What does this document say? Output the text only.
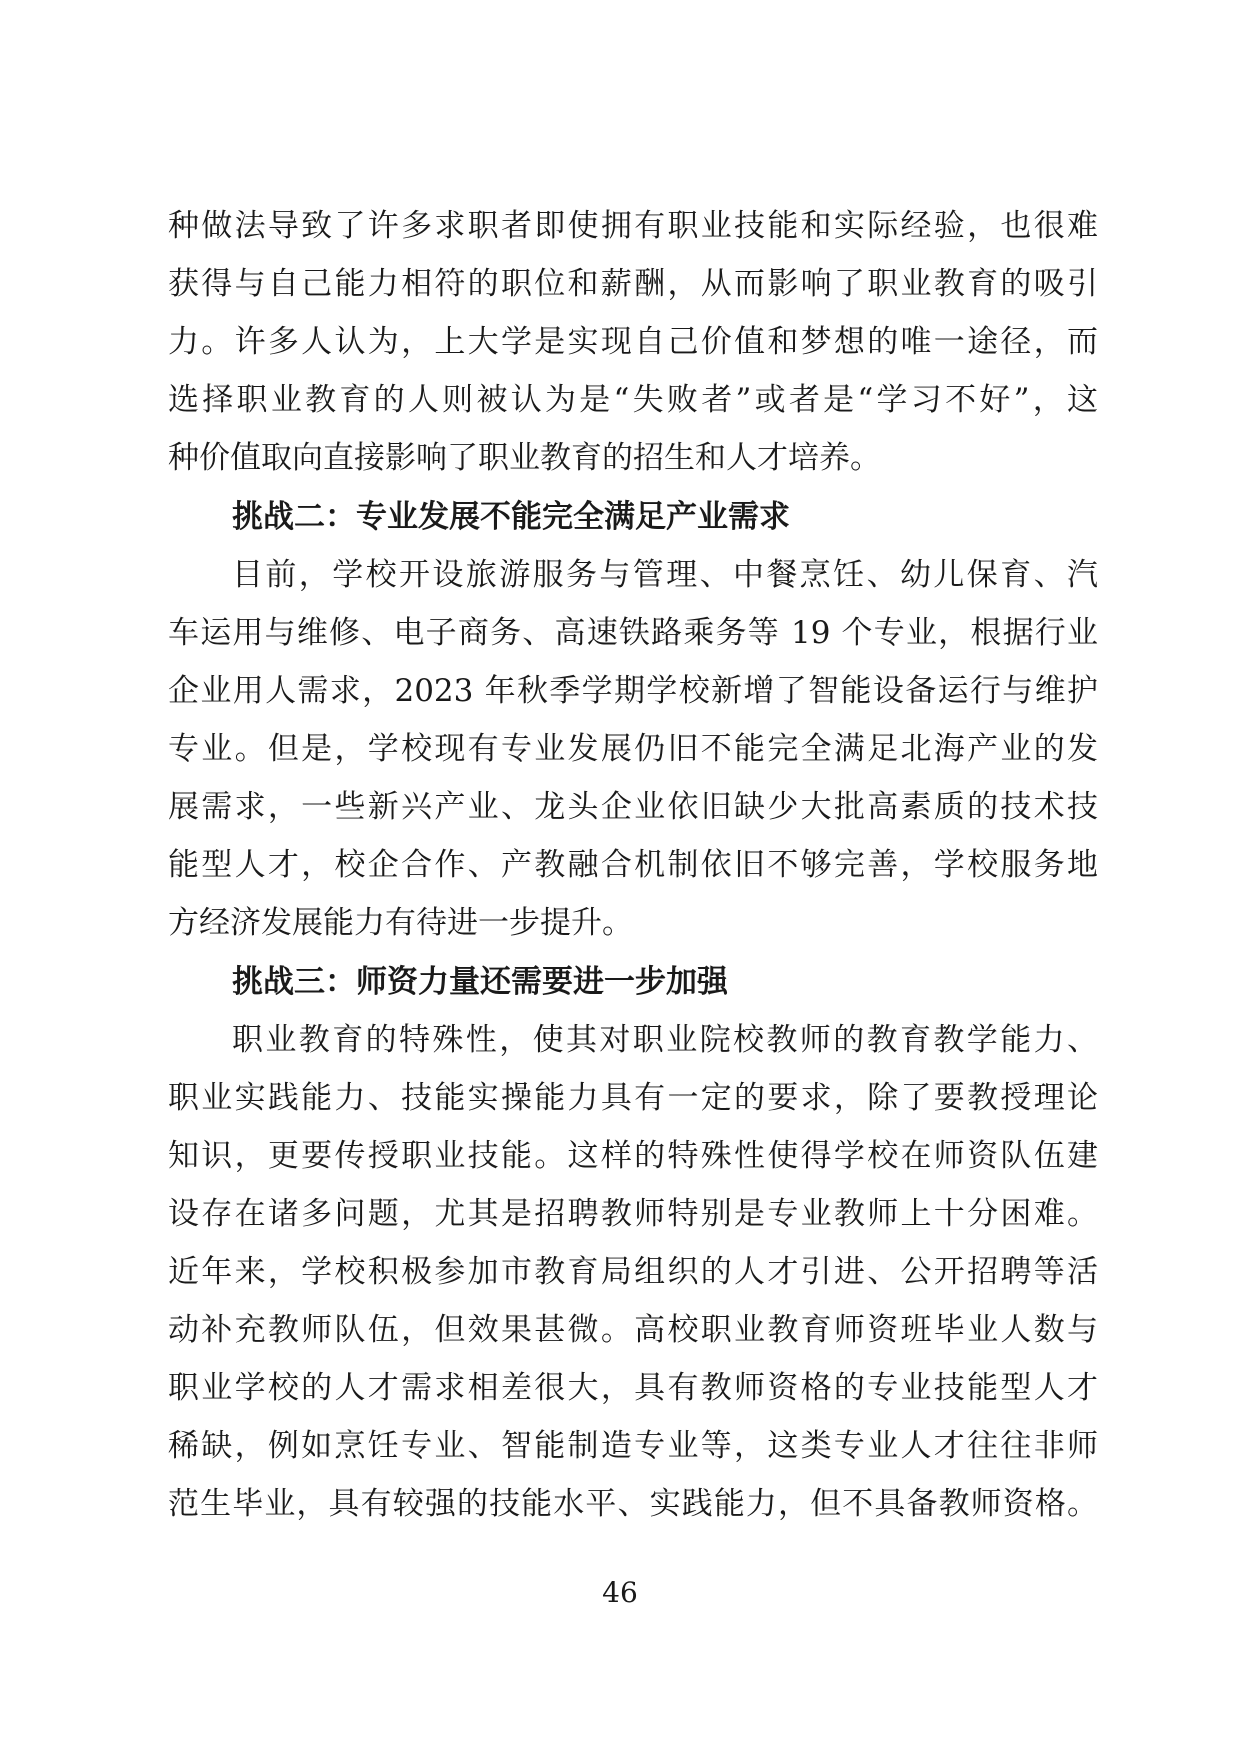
种做法导致了许多求职者即使拥有职业技能和实际经验，也很难
获得与自己能力相符的职位和薪酬，从而影响了职业教育的吸引
力。许多人认为，上大学是实现自己价值和梦想的唯一途径，而
选择职业教育的人则被认为是“失败者”或者是“学习不好”，这
种价值取向直接影响了职业教育的招生和人才培养。
挑战二：专业发展不能完全满足产业需求
目前，学校开设旅游服务与管理、中餐烹饪、幼儿保育、汽
车运用与维修、电子商务、高速铁路乘务等 19 个专业，根据行业
企业用人需求，2023 年秋季学期学校新增了智能设备运行与维护
专业。但是，学校现有专业发展仍旧不能完全满足北海产业的发
展需求，一些新兴产业、龙头企业依旧缺少大批高素质的技术技
能型人才，校企合作、产教融合机制依旧不够完善，学校服务地
方经济发展能力有待进一步提升。
挑战三：师资力量还需要进一步加强
职业教育的特殊性，使其对职业院校教师的教育教学能力、
职业实践能力、技能实操能力具有一定的要求，除了要教授理论
知识，更要传授职业技能。这样的特殊性使得学校在师资队伍建
设存在诸多问题，尤其是招聘教师特别是专业教师上十分困难。
近年来，学校积极参加市教育局组织的人才引进、公开招聘等活
动补充教师队伍，但效果甚微。高校职业教育师资班毕业人数与
职业学校的人才需求相差很大，具有教师资格的专业技能型人才
稀缺，例如烹饪专业、智能制造专业等，这类专业人才往往非师
范生毕业，具有较强的技能水平、实践能力，但不具备教师资格。
46
